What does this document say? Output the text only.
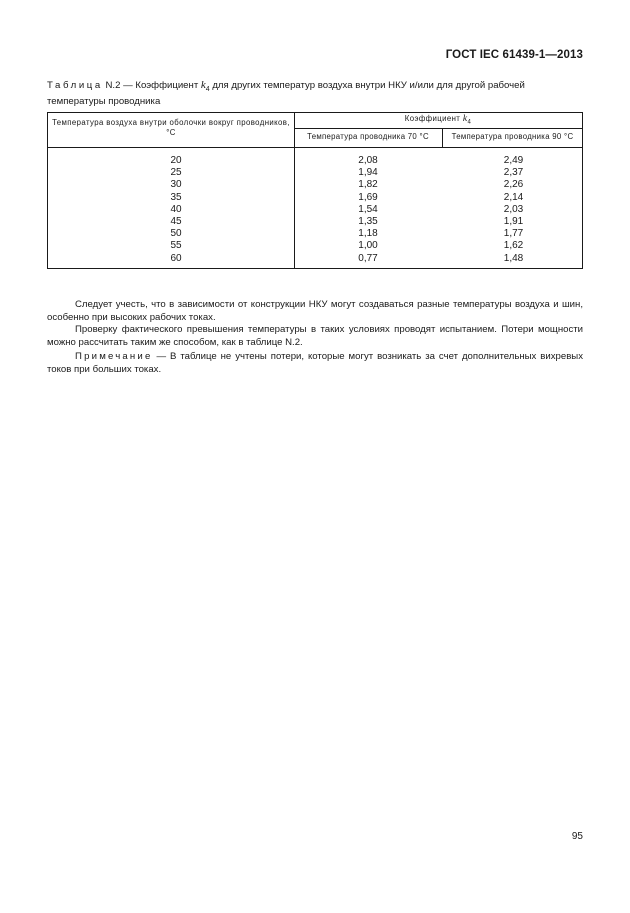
ГОСТ IEC 61439-1—2013
Таблица N.2 — Коэффициент $k_4$ для других температур воздуха внутри НКУ и/или для другой рабочей температуры проводника
Температура воздуха внутри оболочки вокруг проводников, °C
Коэффициент $k_4$
Температура проводника 70 °C	Температура проводника 90 °C
20	2,08	2,49
25	1,94	2,37
30	1,82	2,26
35	1,69	2,14
40	1,54	2,03
45	1,35	1,91
50	1,18	1,77
55	1,00	1,62
60	0,77	1,48
Следует учесть, что в зависимости от конструкции НКУ могут создаваться разные температуры воздуха и шин, особенно при высоких рабочих токах.
Проверку фактического превышения температуры в таких условиях проводят испытанием. Потери мощности можно рассчитать таким же способом, как в таблице N.2.
Примечание — В таблице не учтены потери, которые могут возникать за счет дополнительных вихревых токов при больших токах.
95
